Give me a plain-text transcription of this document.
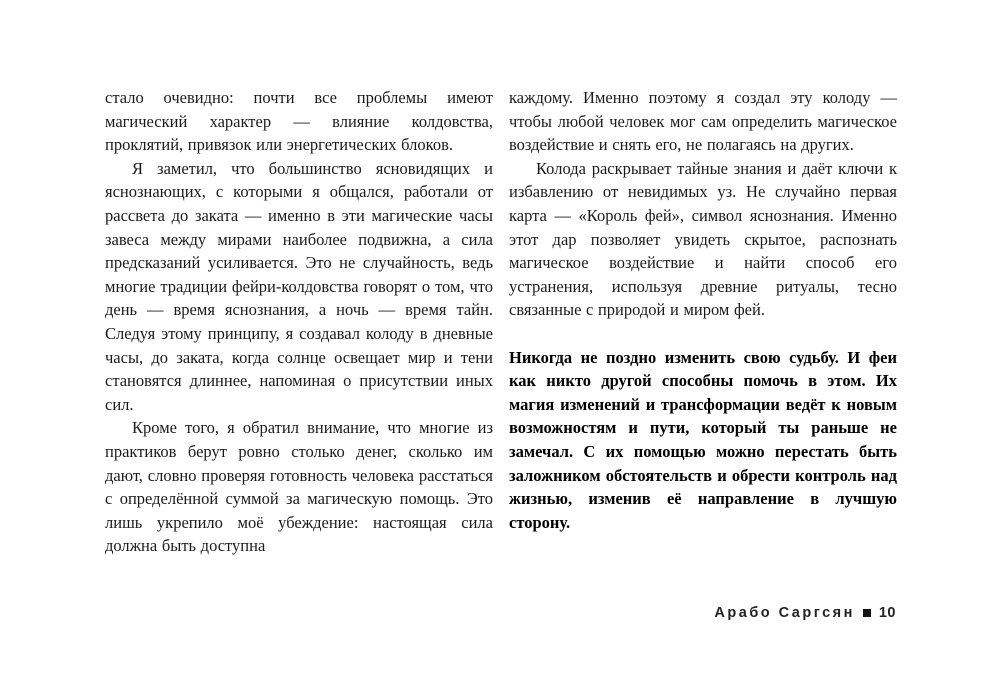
стало очевидно: почти все проблемы имеют магический характер — влияние колдовства, проклятий, привязок или энергетических блоков.

Я заметил, что большинство ясновидящих и яснознающих, с которыми я общался, работали от рассвета до заката — именно в эти магические часы завеса между мирами наиболее подвижна, а сила предсказаний усиливается. Это не случайность, ведь многие традиции фейри-колдовства говорят о том, что день — время яснознания, а ночь — время тайн. Следуя этому принципу, я создавал колоду в дневные часы, до заката, когда солнце освещает мир и тени становятся длиннее, напоминая о присутствии иных сил.

Кроме того, я обратил внимание, что многие из практиков берут ровно столько денег, сколько им дают, словно проверяя готовность человека расстаться с определённой суммой за магическую помощь. Это лишь укрепило моё убеждение: настоящая сила должна быть доступна

каждому. Именно поэтому я создал эту колоду — чтобы любой человек мог сам определить магическое воздействие и снять его, не полагаясь на других.

Колода раскрывает тайные знания и даёт ключи к избавлению от невидимых уз. Не случайно первая карта — «Король фей», символ яснознания. Именно этот дар позволяет увидеть скрытое, распознать магическое воздействие и найти способ его устранения, используя древние ритуалы, тесно связанные с природой и миром фей.

Никогда не поздно изменить свою судьбу. И феи как никто другой способны помочь в этом. Их магия изменений и трансформации ведёт к новым возможностям и пути, который ты раньше не замечал. С их помощью можно перестать быть заложником обстоятельств и обрести контроль над жизнью, изменив её направление в лучшую сторону.

Арабо Саргсян 10
